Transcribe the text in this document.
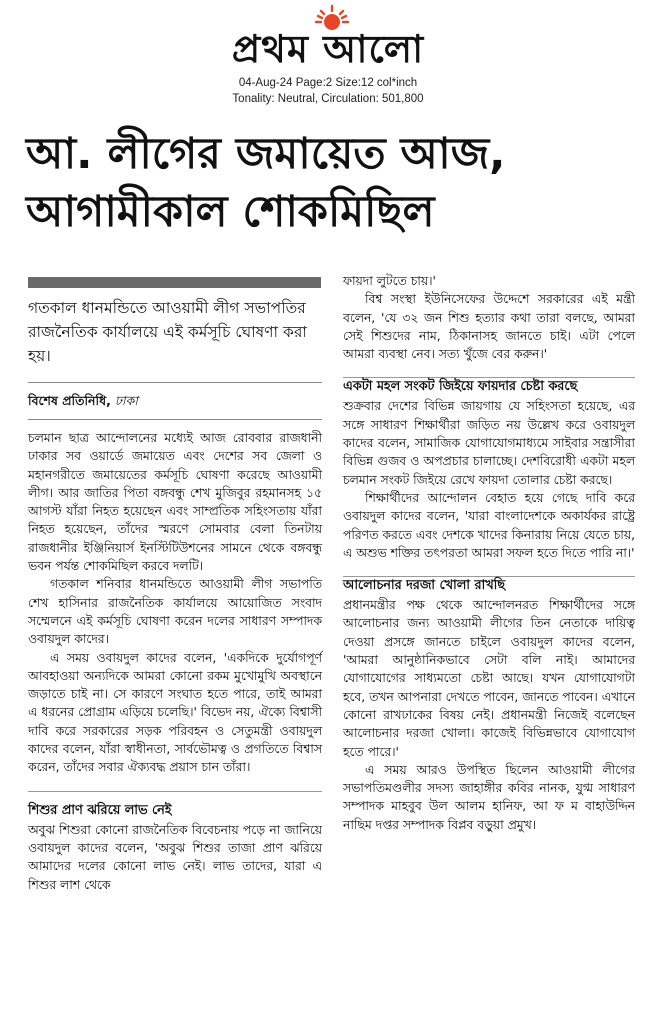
প্রথম আলো
04-Aug-24 Page:2 Size:12 col*inch
Tonality: Neutral, Circulation: 501,800
আ. লীগের জমায়েত আজ,
আগামীকাল শোকমিছিল
গতকাল ধানমন্ডিতে আওয়ামী লীগ সভাপতির রাজনৈতিক কার্যালয়ে এই কর্মসূচি ঘোষণা করা হয়।
বিশেষ প্রতিনিধি, ঢাকা

চলমান ছাত্র আন্দোলনের মধ্যেই আজ রোববার রাজধানী ঢাকার সব ওয়ার্ডে জমায়েত এবং দেশের সব জেলা ও মহানগরীতে জমায়েতের কর্মসূচি ঘোষণা করেছে আওয়ামী লীগ। আর জাতির পিতা বঙ্গবন্ধু শেখ মুজিবুর রহমানসহ ১৫ আগস্ট যাঁরা নিহত হয়েছেন এবং সাম্প্রতিক সহিংসতায় যাঁরা নিহত হয়েছেন, তাঁদের স্মরণে সোমবার বেলা তিনটায় রাজধানীর ইঞ্জিনিয়ার্স ইনস্টিটিউশনের সামনে থেকে বঙ্গবন্ধু ভবন পর্যন্ত শোকমিছিল করবে দলটি।

গতকাল শনিবার ধানমন্ডিতে আওয়ামী লীগ সভাপতি শেখ হাসিনার রাজনৈতিক কার্যালয়ে আয়োজিত সংবাদ সম্মেলনে এই কর্মসূচি ঘোষণা করেন দলের সাধারণ সম্পাদক ওবায়দুল কাদের।

এ সময় ওবায়দুল কাদের বলেন, 'একদিকে দুর্যোগপূর্ণ আবহাওয়া অন্যদিকে আমরা কোনো রকম মুখোমুখি অবস্থানে জড়াতে চাই না। সে কারণে সংঘাত হতে পারে, তাই আমরা এ ধরনের প্রোগ্রাম এড়িয়ে চলেছি।' বিভেদ নয়, ঐক্যে বিশ্বাসী দাবি করে সরকারের সড়ক পরিবহন ও সেতুমন্ত্রী ওবায়দুল কাদের বলেন, যাঁরা স্বাধীনতা, সার্বভৌমত্ব ও প্রগতিতে বিশ্বাস করেন, তাঁদের সবার ঐক্যবদ্ধ প্রয়াস চান তাঁরা।

শিশুর প্রাণ ঝরিয়ে লাভ নেই

অবুঝ শিশুরা কোনো রাজনৈতিক বিবেচনায় পড়ে না জানিয়ে ওবায়দুল কাদের বলেন, 'অবুঝ শিশুর তাজা প্রাণ ঝরিয়ে আমাদের দলের কোনো লাভ নেই। লাভ তাদের, যারা এ শিশুর লাশ থেকে

ফায়দা লুটতে চায়।'

বিশ্ব সংস্থা ইউনিসেফের উদ্দেশে সরকারের এই মন্ত্রী বলেন, 'যে ৩২ জন শিশু হত্যার কথা তারা বলছে, আমরা সেই শিশুদের নাম, ঠিকানাসহ জানতে চাই। এটা পেলে আমরা ব্যবস্থা নেব। সত্য খুঁজে বের করুন।'

একটা মহল সংকট জিইয়ে ফায়দার চেষ্টা করছে

শুক্রবার দেশের বিভিন্ন জায়গায় যে সহিংসতা হয়েছে, এর সঙ্গে সাধারণ শিক্ষার্থীরা জড়িত নয় উল্লেখ করে ওবায়দুল কাদের বলেন, সামাজিক যোগাযোগমাধ্যমে সাইবার সন্ত্রাসীরা বিভিন্ন গুজব ও অপপ্রচার চালাচ্ছে। দেশবিরোধী একটা মহল চলমান সংকট জিইয়ে রেখে ফায়দা তোলার চেষ্টা করছে।

শিক্ষার্থীদের আন্দোলন বেহাত হয়ে গেছে দাবি করে ওবায়দুল কাদের বলেন, 'যারা বাংলাদেশকে অকার্যকর রাষ্ট্রে পরিণত করতে এবং দেশকে খাদের কিনারায় নিয়ে যেতে চায়, এ অশুভ শক্তির তৎপরতা আমরা সফল হতে দিতে পারি না।'

আলোচনার দরজা খোলা রাখছি

প্রধানমন্ত্রীর পক্ষ থেকে আন্দোলনরত শিক্ষার্থীদের সঙ্গে আলোচনার জন্য আওয়ামী লীগের তিন নেতাকে দায়িত্ব দেওয়া প্রসঙ্গে জানতে চাইলে ওবায়দুল কাদের বলেন, 'আমরা আনুষ্ঠানিকভাবে সেটা বলি নাই। আমাদের যোগাযোগের সাধ্যমতো চেষ্টা আছে। যখন যোগাযোগটা হবে, তখন আপনারা দেখতে পাবেন, জানতে পাবেন। এখানে কোনো রাখঢাকের বিষয় নেই। প্রধানমন্ত্রী নিজেই বলেছেন আলোচনার দরজা খোলা। কাজেই বিভিন্নভাবে যোগাযোগ হতে পারে।'

এ সময় আরও উপস্থিত ছিলেন আওয়ামী লীগের সভাপতিমণ্ডলীর সদস্য জাহাঙ্গীর কবির নানক, যুগ্ম সাধারণ সম্পাদক মাহবুব উল আলম হানিফ, আ ফ ম বাহাউদ্দিন নাছিম দপ্তর সম্পাদক বিপ্লব বড়ুয়া প্রমুখ।
